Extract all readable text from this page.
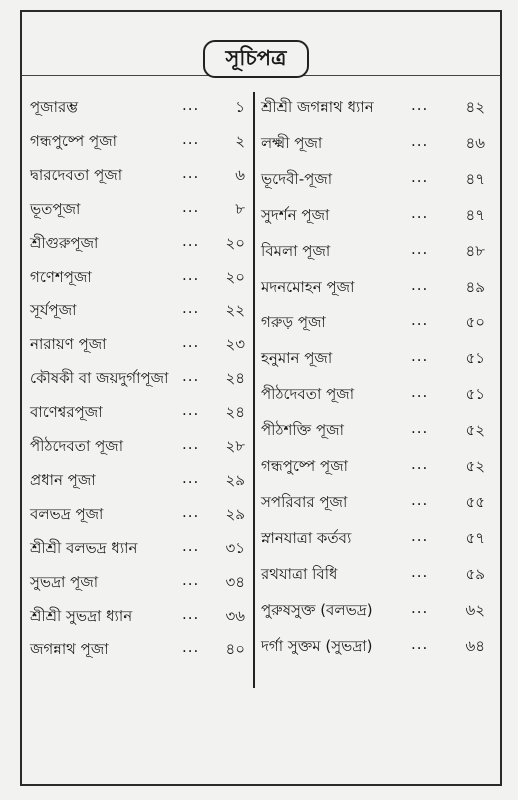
সূচিপত্র
পূজারম্ভ	...	১
গন্ধপুষ্পে পূজা	...	২
দ্বারদেবতা পূজা	...	৬
ভূতপূজা	...	৮
শ্রীগুরুপূজা	...	২০
গণেশপূজা	...	২০
সূর্যপূজা	...	২২
নারায়ণ পূজা	...	২৩
কৌষকী বা জয়দুর্গাপূজা ...	২৪
বাণেশ্বরপূজা	...	২৪
পীঠদেবতা পূজা	...	২৮
প্রধান পূজা	...	২৯
বলভদ্র পূজা	...	২৯
শ্রীশ্রী বলভদ্র ধ্যান	...	৩১
সুভদ্রা পূজা	...	৩৪
শ্রীশ্রী সুভদ্রা ধ্যান	...	৩৬
জগন্নাথ পূজা	...	৪০
শ্রীশ্রী জগন্নাথ ধ্যান ...	৪২
লক্ষ্মী পূজা	...	৪৬
ভূদেবী-পূজা	...	৪৭
সুদর্শন পূজা	...	৪৭
বিমলা পূজা	...	৪৮
মদনমোহন পূজা	...	৪৯
গরুড় পূজা	...	৫০
হনুমান পূজা	...	৫১
পীঠদেবতা পূজা	...	৫১
পীঠশক্তি পূজা	...	৫২
গন্ধপুষ্পে পূজা	...	৫২
সপরিবার পূজা	...	৫৫
স্নানযাত্রা কর্তব্য	...	৫৭
রথযাত্রা বিধি	...	৫৯
পুরুষসুক্ত (বলভদ্র)	...	৬২
দর্গা সুক্তম (সুভদ্রা)	...	৬৪
